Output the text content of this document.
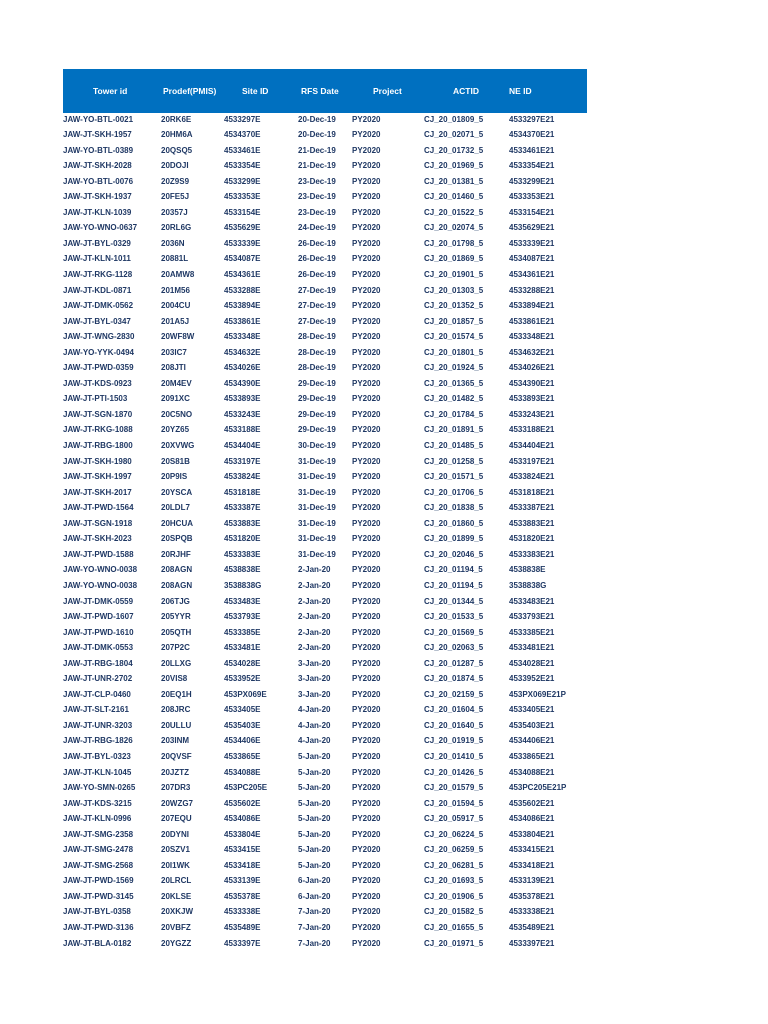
Tower id	Prodef(PMIS)	Site ID	RFS Date	Project	ACTID	NE ID
JAW-YO-BTL-0021	20RK6E	4533297E	20-Dec-19 PY2020	CJ_20_01809_5	4533297E21
JAW-JT-SKH-1957	20HM6A	4534370E	20-Dec-19 PY2020	CJ_20_02071_5	4534370E21
JAW-YO-BTL-0389	20QSQ5	4533461E	21-Dec-19 PY2020	CJ_20_01732_5	4533461E21
JAW-JT-SKH-2028	20DOJI	4533354E	21-Dec-19 PY2020	CJ_20_01969_5	4533354E21
JAW-YO-BTL-0076	20Z9S9	4533299E	23-Dec-19 PY2020	CJ_20_01381_5	4533299E21
JAW-JT-SKH-1937	20FE5J	4533353E	23-Dec-19 PY2020	CJ_20_01460_5	4533353E21
JAW-JT-KLN-1039	20357J	4533154E	23-Dec-19 PY2020	CJ_20_01522_5	4533154E21
JAW-YO-WNO-0637	20RL6G	4535629E	24-Dec-19 PY2020	CJ_20_02074_5	4535629E21
JAW-JT-BYL-0329	2036N	4533339E	26-Dec-19 PY2020	CJ_20_01798_5	4533339E21
JAW-JT-KLN-1011	20881L	4534087E	26-Dec-19 PY2020	CJ_20_01869_5	4534087E21
JAW-JT-RKG-1128	20AMW8	4534361E	26-Dec-19 PY2020	CJ_20_01901_5	4534361E21
JAW-JT-KDL-0871	201M56	4533288E	27-Dec-19 PY2020	CJ_20_01303_5	4533288E21
JAW-JT-DMK-0562	2004CU	4533894E	27-Dec-19 PY2020	CJ_20_01352_5	4533894E21
JAW-JT-BYL-0347	201A5J	4533861E	27-Dec-19 PY2020	CJ_20_01857_5	4533861E21
JAW-JT-WNG-2830	20WF8W	4533348E	28-Dec-19 PY2020	CJ_20_01574_5	4533348E21
JAW-YO-YYK-0494	203IC7	4534632E	28-Dec-19 PY2020	CJ_20_01801_5	4534632E21
JAW-JT-PWD-0359	208JTI	4534026E	28-Dec-19 PY2020	CJ_20_01924_5	4534026E21
JAW-JT-KDS-0923	20M4EV	4534390E	29-Dec-19 PY2020	CJ_20_01365_5	4534390E21
JAW-JT-PTI-1503	2091XC	4533893E	29-Dec-19 PY2020	CJ_20_01482_5	4533893E21
JAW-JT-SGN-1870	20C5NO	4533243E	29-Dec-19 PY2020	CJ_20_01784_5	4533243E21
JAW-JT-RKG-1088	20YZ65	4533188E	29-Dec-19 PY2020	CJ_20_01891_5	4533188E21
JAW-JT-RBG-1800	20XVWG	4534404E	30-Dec-19 PY2020	CJ_20_01485_5	4534404E21
JAW-JT-SKH-1980	20S81B	4533197E	31-Dec-19 PY2020	CJ_20_01258_5	4533197E21
JAW-JT-SKH-1997	20P9IS	4533824E	31-Dec-19 PY2020	CJ_20_01571_5	4533824E21
JAW-JT-SKH-2017	20YSCA	4531818E	31-Dec-19 PY2020	CJ_20_01706_5	4531818E21
JAW-JT-PWD-1564	20LDL7	4533387E	31-Dec-19 PY2020	CJ_20_01838_5	4533387E21
JAW-JT-SGN-1918	20HCUA	4533883E	31-Dec-19 PY2020	CJ_20_01860_5	4533883E21
JAW-JT-SKH-2023	20SPQB	4531820E	31-Dec-19 PY2020	CJ_20_01899_5	4531820E21
JAW-JT-PWD-1588	20RJHF	4533383E	31-Dec-19 PY2020	CJ_20_02046_5	4533383E21
JAW-YO-WNO-0038	208AGN	4538838E	2-Jan-20	PY2020	CJ_20_01194_5	4538838E
JAW-YO-WNO-0038	208AGN	3538838G	2-Jan-20	PY2020	CJ_20_01194_5	3538838G
JAW-JT-DMK-0559	206TJG	4533483E	2-Jan-20	PY2020	CJ_20_01344_5	4533483E21
JAW-JT-PWD-1607	205YYR	4533793E	2-Jan-20	PY2020	CJ_20_01533_5	4533793E21
JAW-JT-PWD-1610	205QTH	4533385E	2-Jan-20	PY2020	CJ_20_01569_5	4533385E21
JAW-JT-DMK-0553	207P2C	4533481E	2-Jan-20	PY2020	CJ_20_02063_5	4533481E21
JAW-JT-RBG-1804	20LLXG	4534028E	3-Jan-20	PY2020	CJ_20_01287_5	4534028E21
JAW-JT-UNR-2702	20VIS8	4533952E	3-Jan-20	PY2020	CJ_20_01874_5	4533952E21
JAW-JT-CLP-0460	20EQ1H	453PX069E	3-Jan-20	PY2020	CJ_20_02159_5	453PX069E21P
JAW-JT-SLT-2161	208JRC	4533405E	4-Jan-20	PY2020	CJ_20_01604_5	4533405E21
JAW-JT-UNR-3203	20ULLU	4535403E	4-Jan-20	PY2020	CJ_20_01640_5	4535403E21
JAW-JT-RBG-1826	203INM	4534406E	4-Jan-20	PY2020	CJ_20_01919_5	4534406E21
JAW-JT-BYL-0323	20QVSF	4533865E	5-Jan-20	PY2020	CJ_20_01410_5	4533865E21
JAW-JT-KLN-1045	20JZTZ	4534088E	5-Jan-20	PY2020	CJ_20_01426_5	4534088E21
JAW-YO-SMN-0265	207DR3	453PC205E	5-Jan-20	PY2020	CJ_20_01579_5	453PC205E21P
JAW-JT-KDS-3215	20WZG7	4535602E	5-Jan-20	PY2020	CJ_20_01594_5	4535602E21
JAW-JT-KLN-0996	207EQU	4534086E	5-Jan-20	PY2020	CJ_20_05917_5	4534086E21
JAW-JT-SMG-2358	20DYNI	4533804E	5-Jan-20	PY2020	CJ_20_06224_5	4533804E21
JAW-JT-SMG-2478	20SZV1	4533415E	5-Jan-20	PY2020	CJ_20_06259_5	4533415E21
JAW-JT-SMG-2568	20I1WK	4533418E	5-Jan-20	PY2020	CJ_20_06281_5	4533418E21
JAW-JT-PWD-1569	20LRCL	4533139E	6-Jan-20	PY2020	CJ_20_01693_5	4533139E21
JAW-JT-PWD-3145	20KLSE	4535378E	6-Jan-20	PY2020	CJ_20_01906_5	4535378E21
JAW-JT-BYL-0358	20XKJW	4533338E	7-Jan-20	PY2020	CJ_20_01582_5	4533338E21
JAW-JT-PWD-3136	20VBFZ	4535489E	7-Jan-20	PY2020	CJ_20_01655_5	4535489E21
JAW-JT-BLA-0182	20YGZZ	4533397E	7-Jan-20	PY2020	CJ_20_01971_5	4533397E21
